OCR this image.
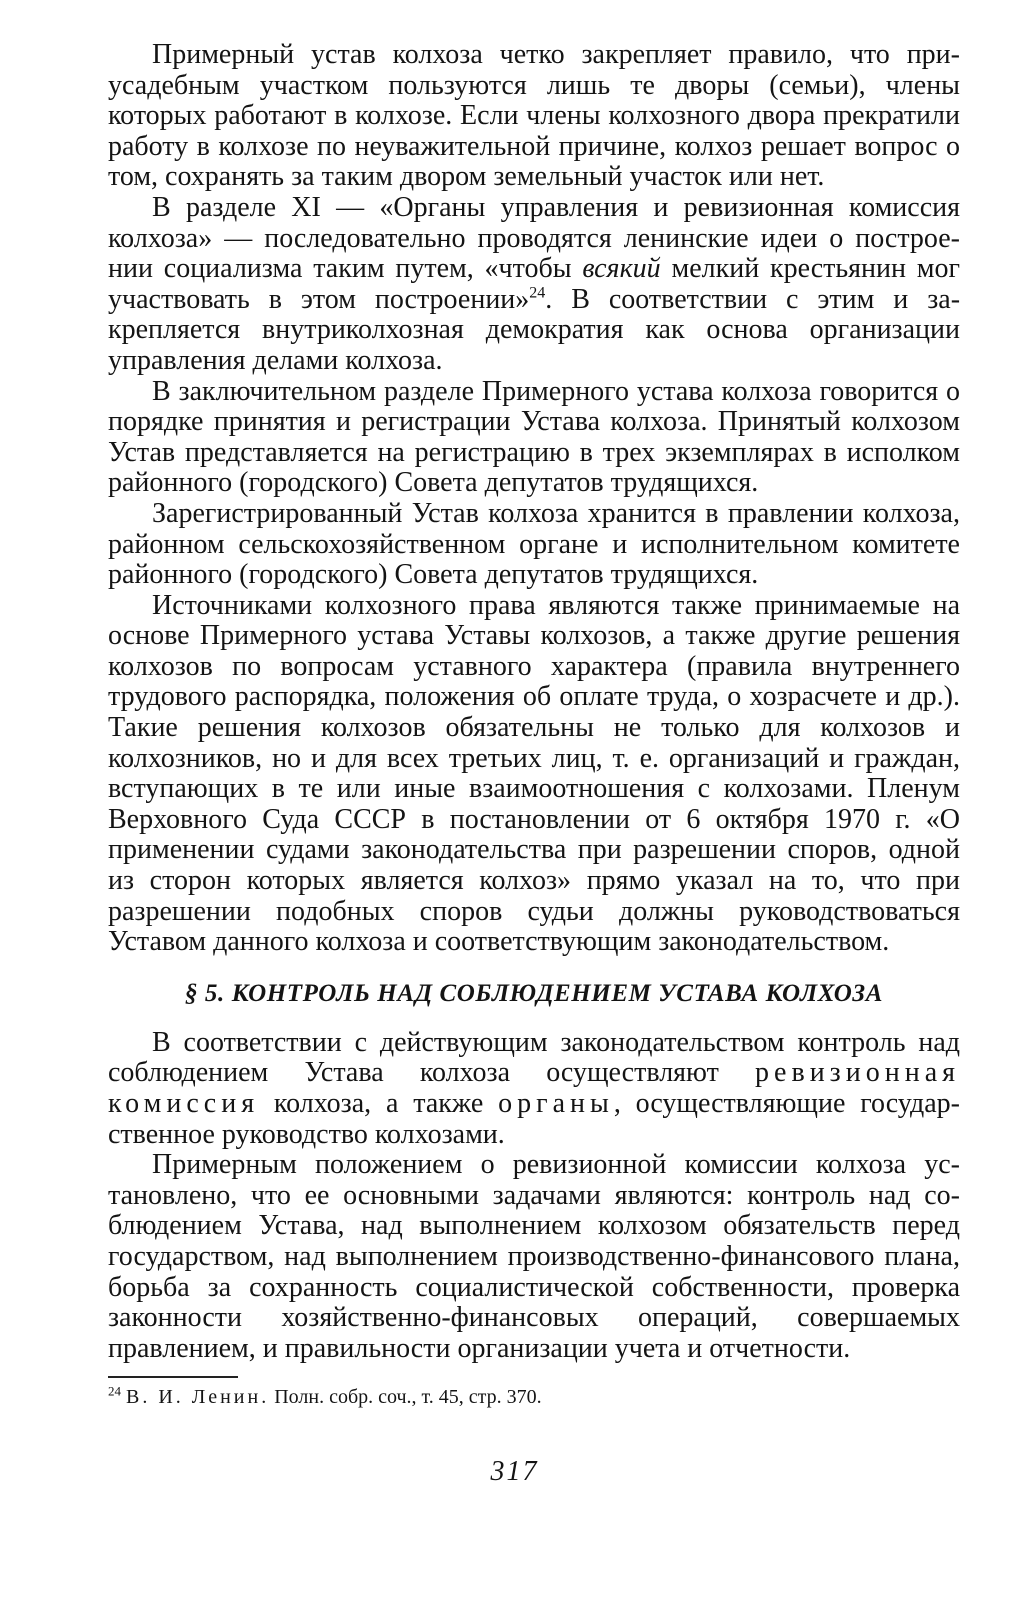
Примерный устав колхоза четко закрепляет правило, что приусадебным участком пользуются лишь те дворы (семьи), члены которых работают в колхозе. Если члены колхозного двора прекратили работу в колхозе по неуважительной причине, колхоз решает вопрос о том, сохранять за таким двором земельный участок или нет.

В разделе XI — «Органы управления и ревизионная комиссия колхоза» — последовательно проводятся ленинские идеи о построении социализма таким путем, «чтобы всякий мелкий крестьянин мог участвовать в этом построении»$^{24}$. В соответствии с этим и закрепляется внутриколхозная демократия как основа организации управления делами колхоза.

В заключительном разделе Примерного устава колхоза говорится о порядке принятия и регистрации Устава колхоза. Принятый колхозом Устав представляется на регистрацию в трех экземплярах в исполком районного (городского) Совета депутатов трудящихся.

Зарегистрированный Устав колхоза хранится в правлении колхоза, районном сельскохозяйственном органе и исполнительном комитете районного (городского) Совета депутатов трудящихся.

Источниками колхозного права являются также принимаемые на основе Примерного устава Уставы колхозов, а также другие решения колхозов по вопросам уставного характера (правила внутреннего трудового распорядка, положения об оплате труда, о хозрасчете и др.). Такие решения колхозов обязательны не только для колхозов и колхозников, но и для всех третьих лиц, т. е. организаций и граждан, вступающих в те или иные взаимоотношения с колхозами. Пленум Верховного Суда СССР в постановлении от 6 октября 1970 г. «О применении судами законодательства при разрешении споров, одной из сторон которых является колхоз» прямо указал на то, что при разрешении подобных споров судьи должны руководствоваться Уставом данного колхоза и соответствующим законодательством.

§ 5. КОНТРОЛЬ НАД СОБЛЮДЕНИЕМ УСТАВА КОЛХОЗА

В соответствии с действующим законодательством контроль над соблюдением Устава колхоза осуществляют ревизионная комиссия колхоза, а также органы, осуществляющие государственное руководство колхозами.

Примерным положением о ревизионной комиссии колхоза установлено, что ее основными задачами являются: контроль над соблюдением Устава, над выполнением колхозом обязательств перед государством, над выполнением производственно-финансового плана, борьба за сохранность социалистической собственности, проверка законности хозяйственно-финансовых операций, совершаемых правлением, и правильности организации учета и отчетности.

$^{24}$ В. И. Ленин. Полн. собр. соч., т. 45, стр. 370.

317
